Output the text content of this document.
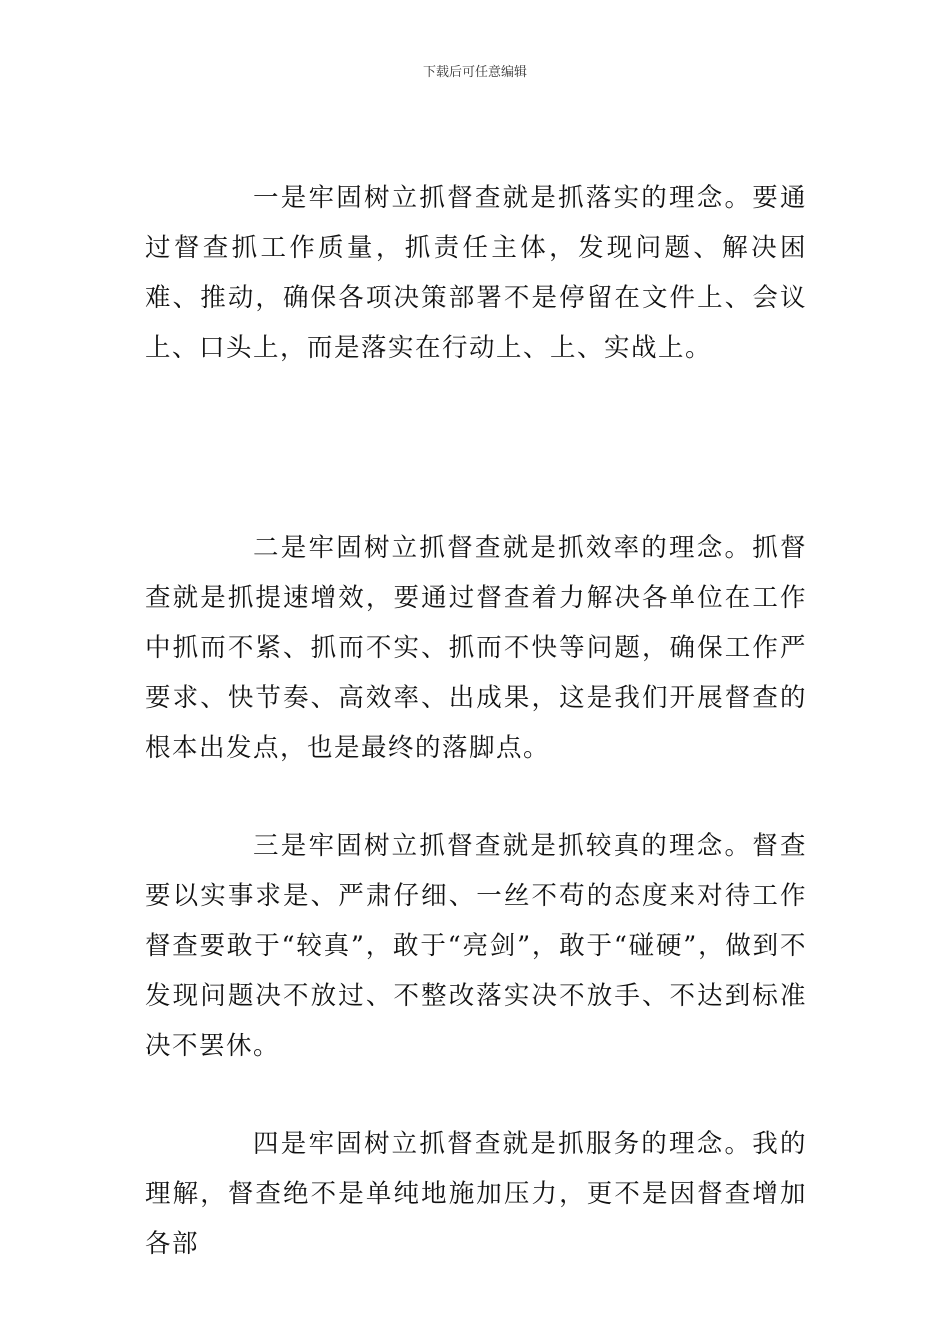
下载后可任意编辑

一是牢固树立抓督查就是抓落实的理念。要通过督查抓工作质量，抓责任主体，发现问题、解决困难、推动，确保各项决策部署不是停留在文件上、会议上、口头上，而是落实在行动上、上、实战上。

二是牢固树立抓督查就是抓效率的理念。抓督查就是抓提速增效，要通过督查着力解决各单位在工作中抓而不紧、抓而不实、抓而不快等问题，确保工作严要求、快节奏、高效率、出成果，这是我们开展督查的根本出发点，也是最终的落脚点。

三是牢固树立抓督查就是抓较真的理念。督查要以实事求是、严肃仔细、一丝不苟的态度来对待工作督查要敢于“较真”，敢于“亮剑”，敢于“碰硬”，做到不发现问题决不放过、不整改落实决不放手、不达到标准决不罢休。

四是牢固树立抓督查就是抓服务的理念。我的理解，督查绝不是单纯地施加压力，更不是因督查增加各部
